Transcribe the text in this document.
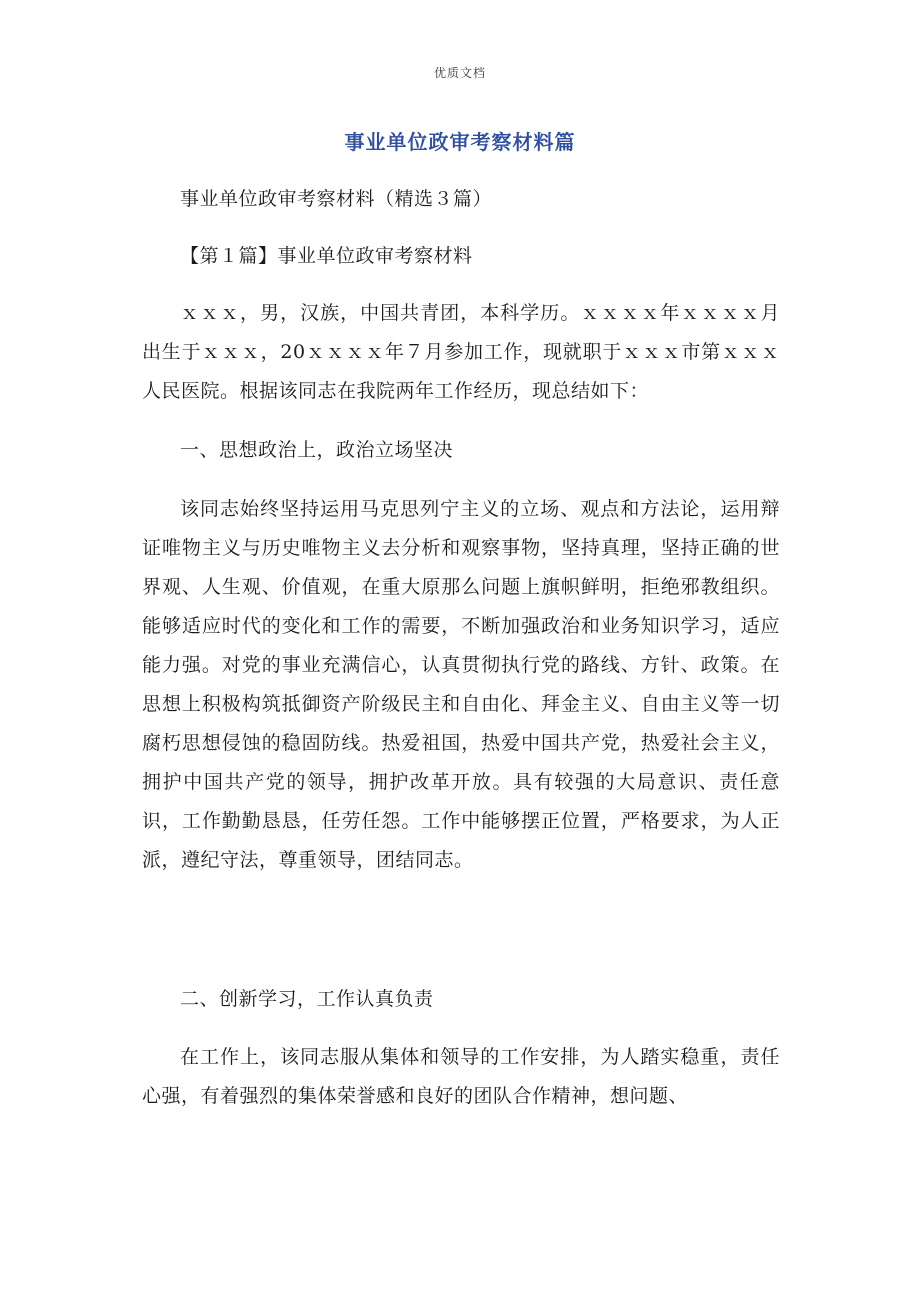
优质文档
事业单位政审考察材料篇

事业单位政审考察材料（精选３篇）

【第１篇】事业单位政审考察材料

ｘｘｘ，男，汉族，中国共青团，本科学历。ｘｘｘｘ年ｘｘｘｘ月出生于ｘｘｘ，20ｘｘｘｘ年７月参加工作，现就职于ｘｘｘ市第ｘｘｘ人民医院。根据该同志在我院两年工作经历，现总结如下：

一、思想政治上，政治立场坚决

该同志始终坚持运用马克思列宁主义的立场、观点和方法论，运用辩证唯物主义与历史唯物主义去分析和观察事物，坚持真理，坚持正确的世界观、人生观、价值观，在重大原那么问题上旗帜鲜明，拒绝邪教组织。能够适应时代的变化和工作的需要，不断加强政治和业务知识学习，适应能力强。对党的事业充满信心，认真贯彻执行党的路线、方针、政策。在思想上积极构筑抵御资产阶级民主和自由化、拜金主义、自由主义等一切腐朽思想侵蚀的稳固防线。热爱祖国，热爱中国共产党，热爱社会主义，拥护中国共产党的领导，拥护改革开放。具有较强的大局意识、责任意识，工作勤勤恳恳，任劳任怨。工作中能够摆正位置，严格要求，为人正派，遵纪守法，尊重领导，团结同志。

二、创新学习，工作认真负责

在工作上，该同志服从集体和领导的工作安排，为人踏实稳重，责任心强，有着强烈的集体荣誉感和良好的团队合作精神，想问题、
